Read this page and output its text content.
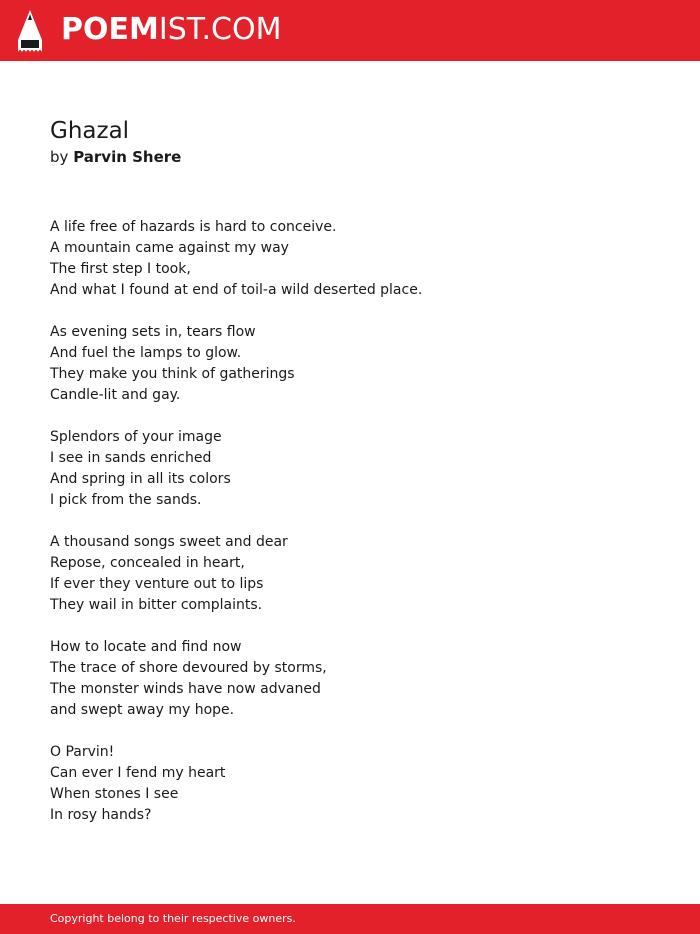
POEMIST.COM
Ghazal

by Parvin Shere

A life free of hazards is hard to conceive.
A mountain came against my way
The first step I took,
And what I found at end of toil-a wild deserted place.
As evening sets in, tears flow
And fuel the lamps to glow.
They make you think of gatherings
Candle-lit and gay.
Splendors of your image
I see in sands enriched
And spring in all its colors
I pick from the sands.
A thousand songs sweet and dear
Repose, concealed in heart,
If ever they venture out to lips
They wail in bitter complaints.
How to locate and find now
The trace of shore devoured by storms,
The monster winds have now advaned
and swept away my hope.
O Parvin!
Can ever I fend my heart
When stones I see
In rosy hands?
Copyright belong to their respective owners.
